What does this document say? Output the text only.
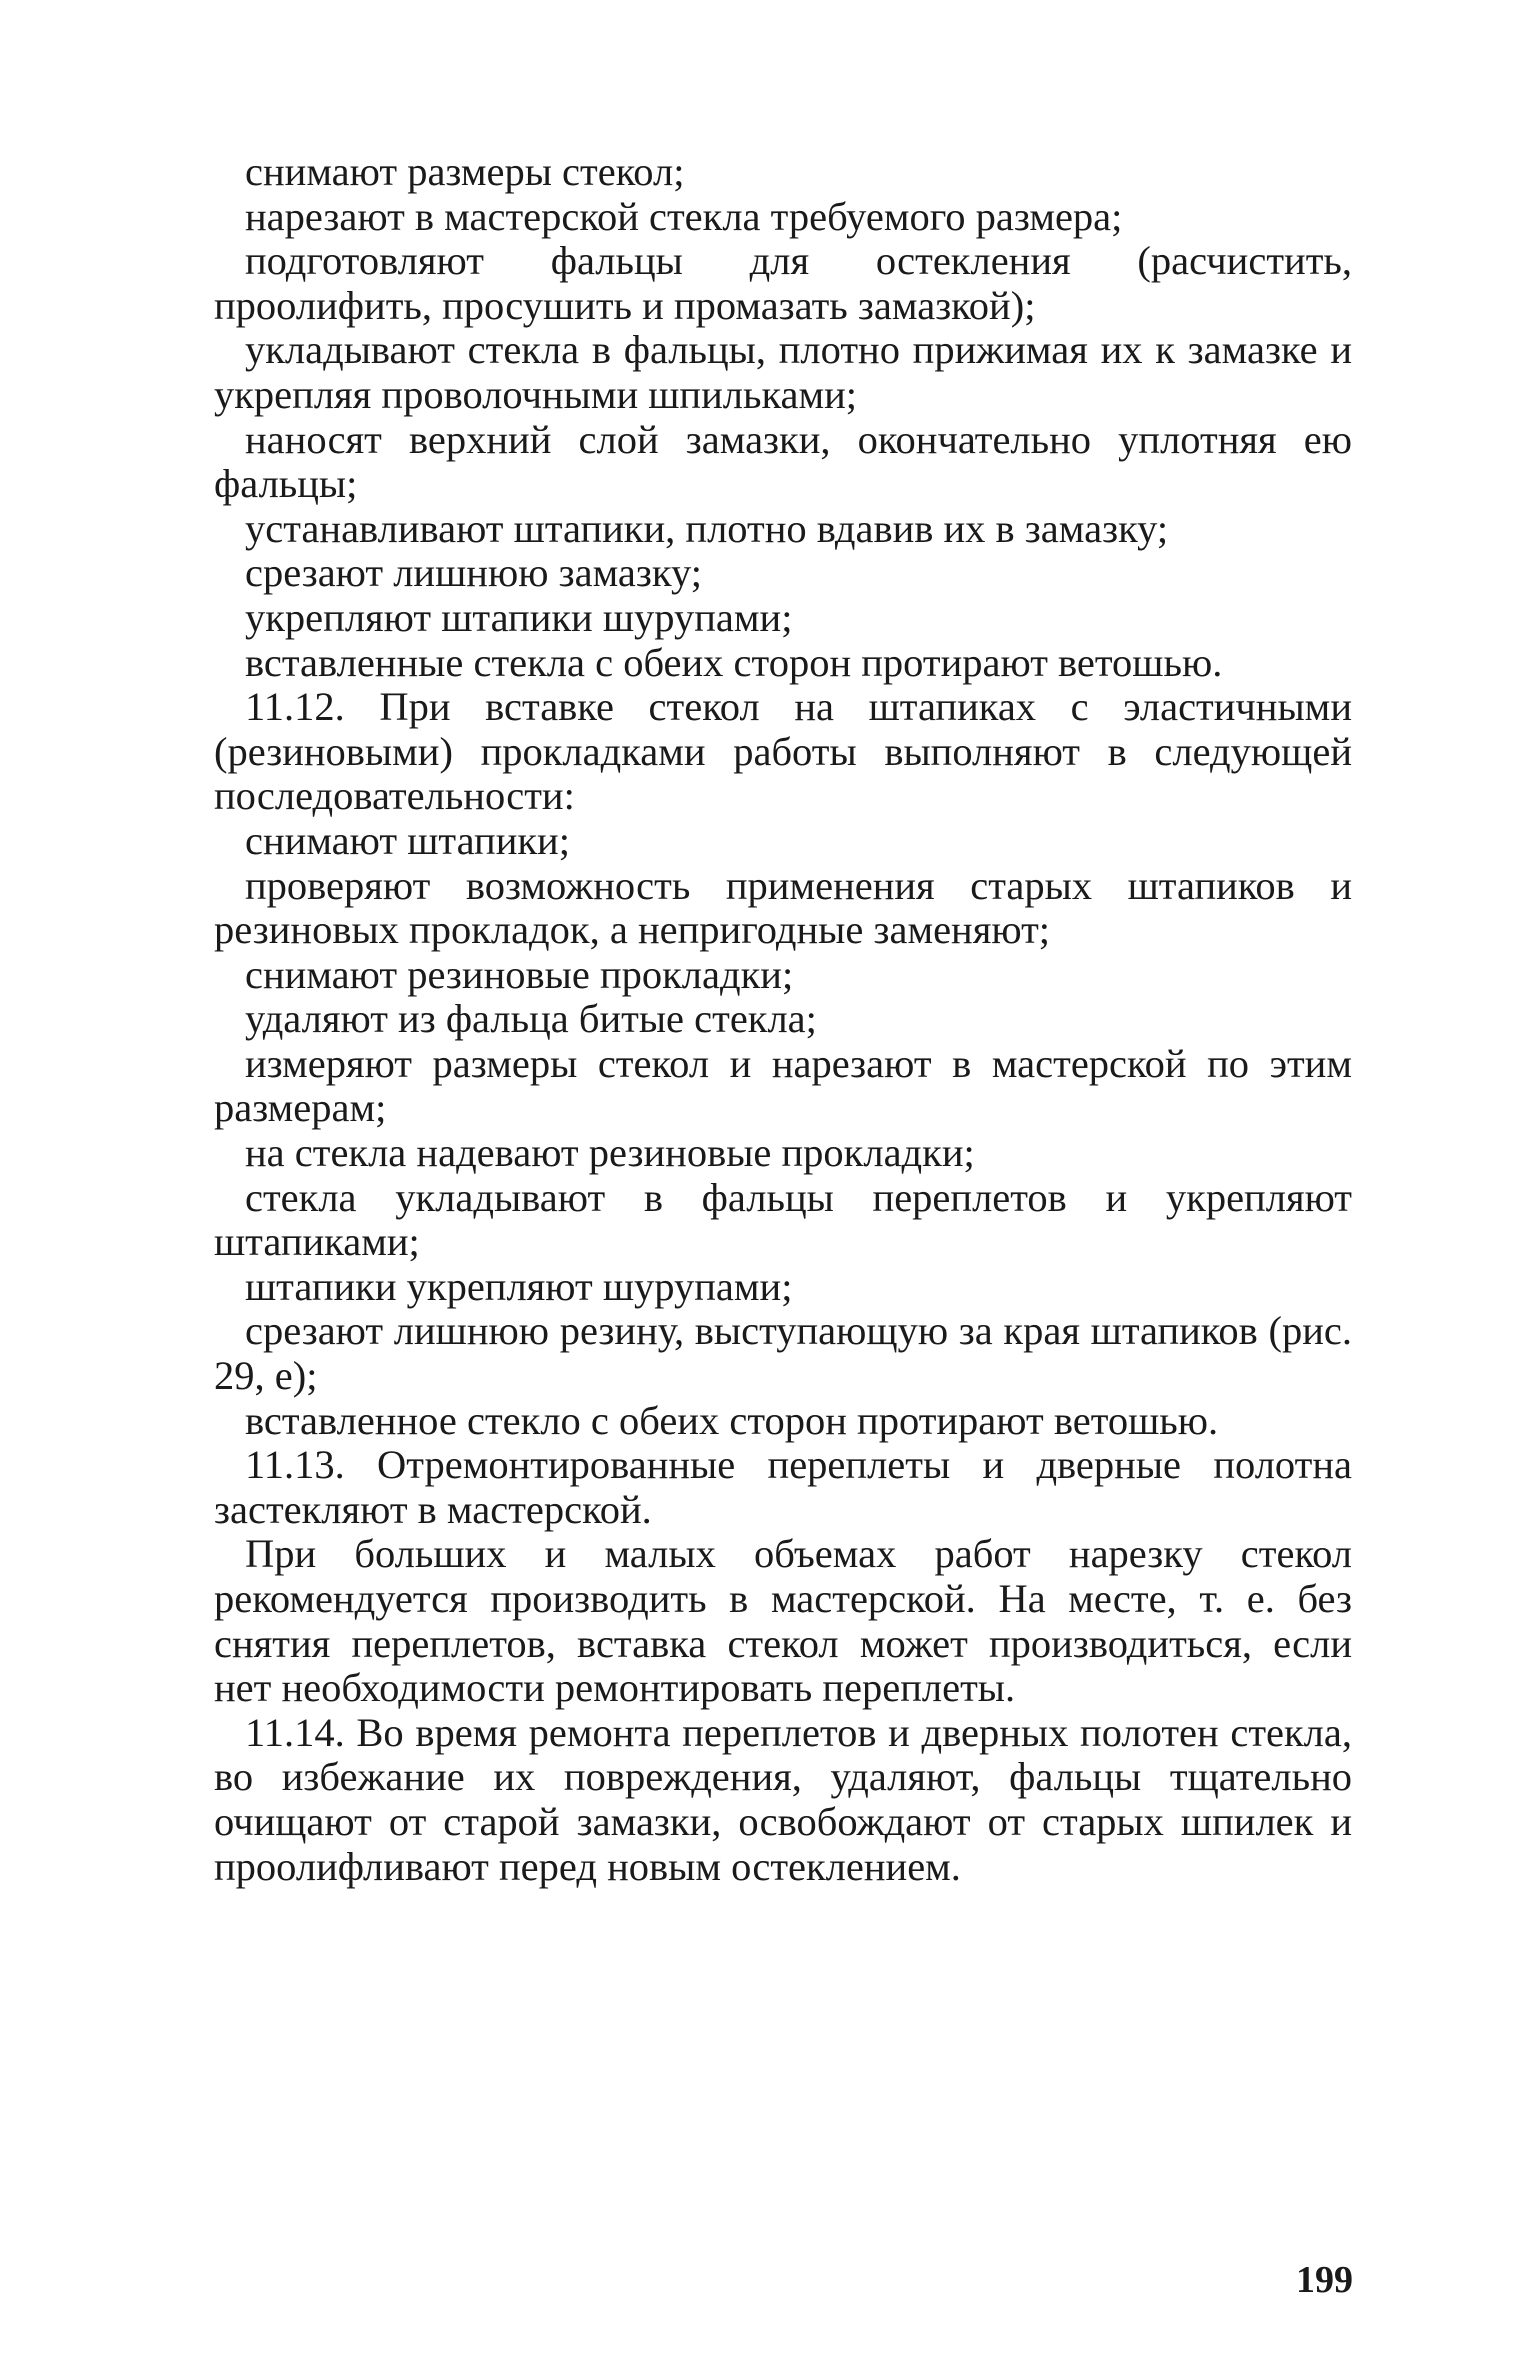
снимают размеры стекол;

нарезают в мастерской стекла требуемого размера;

подготовляют фальцы для остекления (расчистить, проолифить, просушить и промазать замазкой);

укладывают стекла в фальцы, плотно прижимая их к замазке и укрепляя проволочными шпильками;

наносят верхний слой замазки, окончательно уплотняя ею фальцы;

устанавливают штапики, плотно вдавив их в замазку;

срезают лишнюю замазку;

укрепляют штапики шурупами;

вставленные стекла с обеих сторон протирают ветошью.

11.12. При вставке стекол на штапиках с эластичными (резиновыми) прокладками работы выполняют в следующей последовательности:

снимают штапики;

проверяют возможность применения старых штапиков и резиновых прокладок, а непригодные заменяют;

снимают резиновые прокладки;

удаляют из фальца битые стекла;

измеряют размеры стекол и нарезают в мастерской по этим размерам;

на стекла надевают резиновые прокладки;

стекла укладывают в фальцы переплетов и укрепляют штапиками;

штапики укрепляют шурупами;

срезают лишнюю резину, выступающую за края штапиков (рис. 29, е);

вставленное стекло с обеих сторон протирают ветошью.

11.13. Отремонтированные переплеты и дверные полотна застекляют в мастерской.

При больших и малых объемах работ нарезку стекол рекомендуется производить в мастерской. На месте, т. е. без снятия переплетов, вставка стекол может производиться, если нет необходимости ремонтировать переплеты.

11.14. Во время ремонта переплетов и дверных полотен стекла, во избежание их повреждения, удаляют, фальцы тщательно очищают от старой замазки, освобождают от старых шпилек и проолифливают перед новым остеклением.

199
